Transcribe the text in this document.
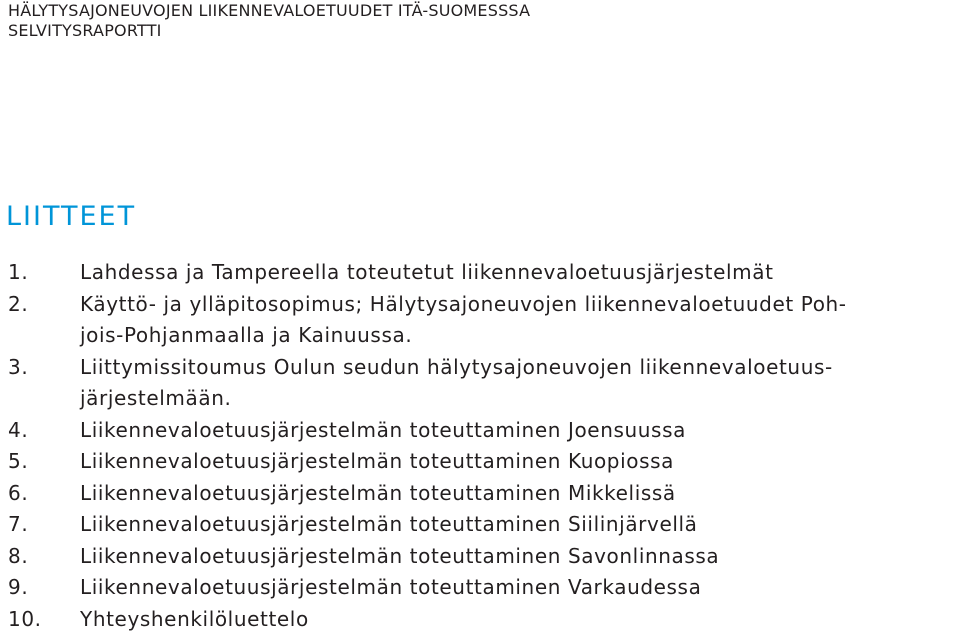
HÄLYTYSAJONEUVOJEN LIIKENNEVALOETUUDET ITÄ-SUOMESSSA
SELVITYSRAPORTTI
LIITTEET
1.	Lahdessa ja Tampereella toteutetut liikennevaloetuusjärjestelmät
2.	Käyttö- ja ylläpitosopimus; Hälytysajoneuvojen liikennevaloetuudet Poh-
jois-Pohjanmaalla ja Kainuussa.
3.	Liittymissitoumus Oulun seudun hälytysajoneuvojen liikennevaloetuus-
järjestelmään.
4.	Liikennevaloetuusjärjestelmän toteuttaminen Joensuussa
5.	Liikennevaloetuusjärjestelmän toteuttaminen Kuopiossa
6.	Liikennevaloetuusjärjestelmän toteuttaminen Mikkelissä
7.	Liikennevaloetuusjärjestelmän toteuttaminen Siilinjärvellä
8.	Liikennevaloetuusjärjestelmän toteuttaminen Savonlinnassa
9.	Liikennevaloetuusjärjestelmän toteuttaminen Varkaudessa
10.	Yhteyshenkilöluettelo
